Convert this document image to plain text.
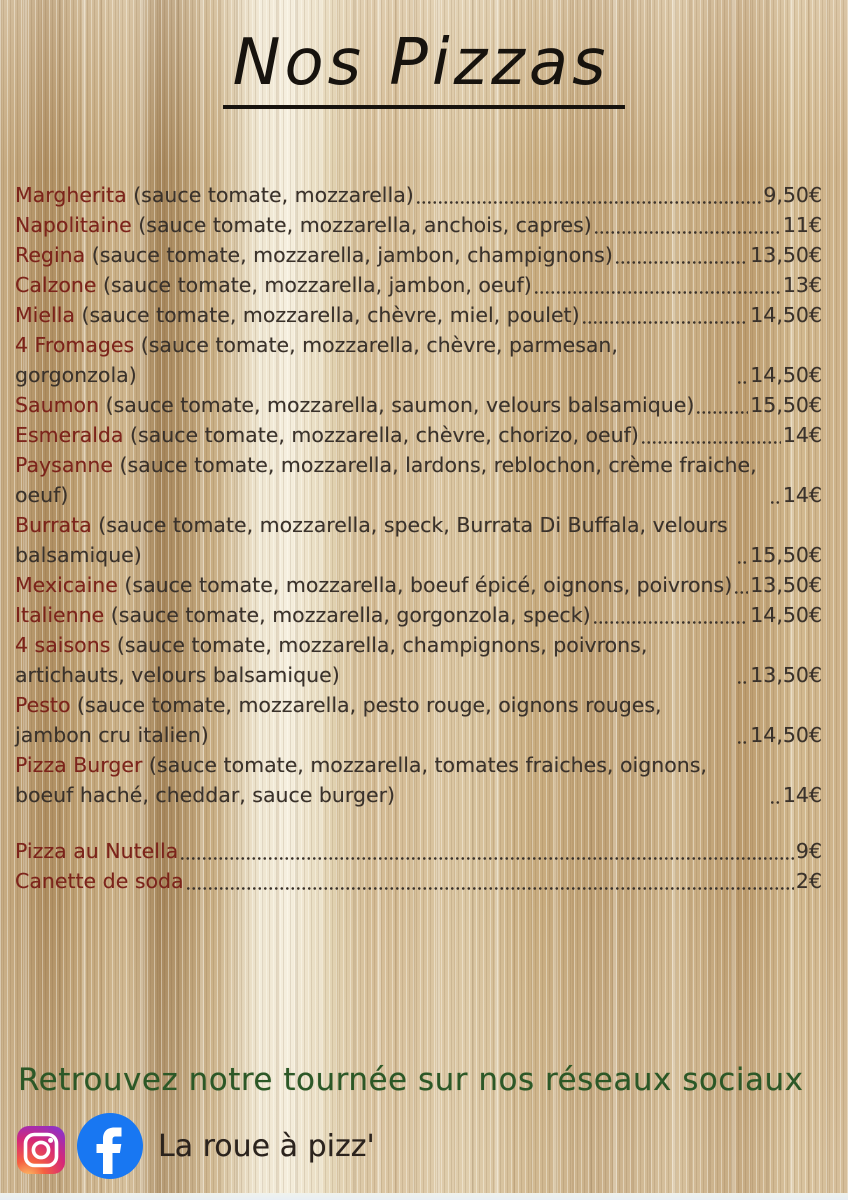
Nos Pizzas
Margherita (sauce tomate, mozzarella)	9,50€
Napolitaine (sauce tomate, mozzarella, anchois, capres)	11€
Regina (sauce tomate, mozzarella, jambon, champignons)	13,50€
Calzone (sauce tomate, mozzarella, jambon, oeuf)	13€
Miella (sauce tomate, mozzarella, chèvre, miel, poulet)	14,50€
4 Fromages (sauce tomate, mozzarella, chèvre, parmesan, gorgonzola)	14,50€
Saumon (sauce tomate, mozzarella, saumon, velours balsamique)	15,50€
Esmeralda (sauce tomate, mozzarella, chèvre, chorizo, oeuf)	14€
Paysanne (sauce tomate, mozzarella, lardons, reblochon, crème fraiche, oeuf)	14€
Burrata (sauce tomate, mozzarella, speck, Burrata Di Buffala, velours balsamique)	15,50€
Mexicaine (sauce tomate, mozzarella, boeuf épicé, oignons, poivrons) 13,50€
Italienne (sauce tomate, mozzarella, gorgonzola, speck)	14,50€
4 saisons (sauce tomate, mozzarella, champignons, poivrons, artichauts, velours balsamique)	13,50€
Pesto (sauce tomate, mozzarella, pesto rouge, oignons rouges, jambon cru italien)	14,50€
Pizza Burger (sauce tomate, mozzarella, tomates fraiches, oignons, boeuf haché, cheddar, sauce burger)	14€
Pizza au Nutella	9€
Canette de soda	2€
Retrouvez notre tournée sur nos réseaux sociaux
La roue à pizz'
